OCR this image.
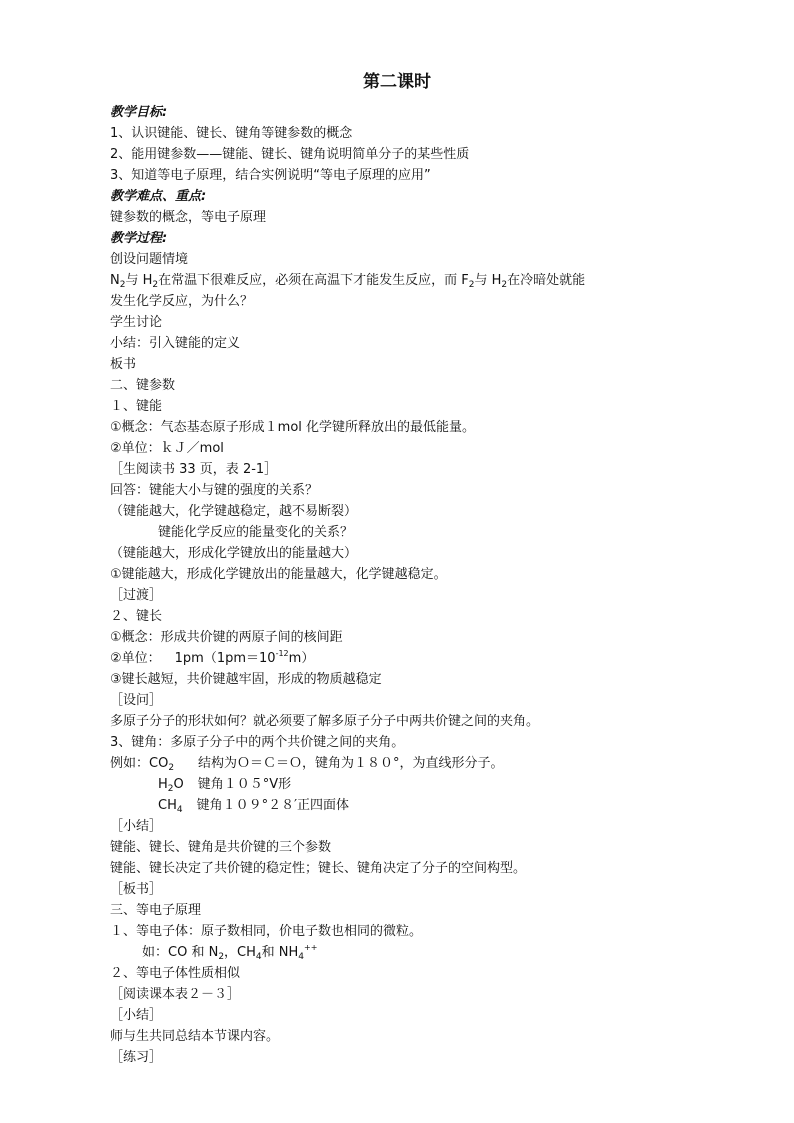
第二课时
教学目标:
1、认识键能、键长、键角等键参数的概念
2、能用键参数——键能、键长、键角说明简单分子的某些性质
3、知道等电子原理，结合实例说明“等电子原理的应用”
教学难点、重点:
键参数的概念，等电子原理
教学过程:
创设问题情境
$N_2$与 $H_2$在常温下很难反应，必须在高温下才能发生反应，而 $F_2$与 $H_2$在冷暗处就能
发生化学反应，为什么？
学生讨论
小结：引入键能的定义
板书
二、键参数
１、键能
①概念：气态基态原子形成１mol 化学键所释放出的最低能量。
②单位：ｋＪ／mol
［生阅读书 33 页，表 2-1］
回答：键能大小与键的强度的关系？
（键能越大，化学键越稳定，越不易断裂）
键能化学反应的能量变化的关系？
（键能越大，形成化学键放出的能量越大）
①键能越大，形成化学键放出的能量越大，化学键越稳定。
［过渡］
２、键长
①概念：形成共价键的两原子间的核间距
②单位： $1pm(1pm=10^{-12}m)$
③键长越短，共价键越牢固，形成的物质越稳定
［设问］
多原子分子的形状如何？就必须要了解多原子分子中两共价键之间的夹角。
3、键角：多原子分子中的两个共价键之间的夹角。
例如：$CO_2$ 结构为Ｏ＝Ｃ＝Ｏ，键角为１８０°，为直线形分子。
$H_2O$ 键角１０５°V形
$CH_4$ 键角１０９°２８′正四面体
［小结］
键能、键长、键角是共价键的三个参数
键能、键长决定了共价键的稳定性；键长、键角决定了分子的空间构型。
［板书］
三、等电子原理
１、等电子体：原子数相同，价电子数也相同的微粒。
如：CO 和 $N_2$，$CH_4$和 $NH_4^{++}$
２、等电子体性质相似
［阅读课本表２－３］
［小结］
师与生共同总结本节课内容。
［练习］
